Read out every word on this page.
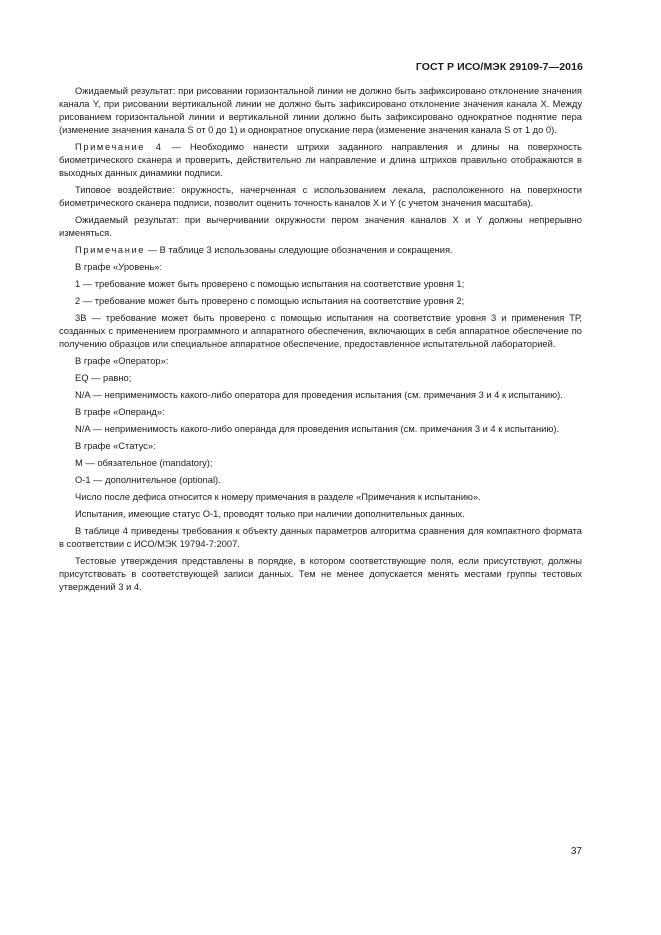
ГОСТ Р ИСО/МЭК 29109-7—2016

Ожидаемый результат: при рисовании горизонтальной линии не должно быть зафиксировано отклонение значения канала Y, при рисовании вертикальной линии не должно быть зафиксировано отклонение значения канала X. Между рисованием горизонтальной линии и вертикальной линии должно быть зафиксировано однократное поднятие пера (изменение значения канала S от 0 до 1) и однократное опускание пера (изменение значения канала S от 1 до 0).

Примечание 4 — Необходимо нанести штрихи заданного направления и длины на поверхность биометрического сканера и проверить, действительно ли направление и длина штрихов правильно отображаются в выходных данных динамики подписи.

Типовое воздействие: окружность, начерченная с использованием лекала, расположенного на поверхности биометрического сканера подписи, позволит оценить точность каналов X и Y (с учетом значения масштаба).

Ожидаемый результат: при вычерчивании окружности пером значения каналов X и Y должны непрерывно изменяться.

Примечание — В таблице 3 использованы следующие обозначения и сокращения.

В графе «Уровень»:

1 — требование может быть проверено с помощью испытания на соответствие уровня 1;

2 — требование может быть проверено с помощью испытания на соответствие уровня 2;

3В — требование может быть проверено с помощью испытания на соответствие уровня 3 и применения ТР, созданных с применением программного и аппаратного обеспечения, включающих в себя аппаратное обеспечение по получению образцов или специальное аппаратное обеспечение, предоставленное испытательной лабораторией.

В графе «Оператор»:

EQ — равно;

N/A — неприменимость какого-либо оператора для проведения испытания (см. примечания 3 и 4 к испытанию).

В графе «Операнд»:

N/A — неприменимость какого-либо операнда для проведения испытания (см. примечания 3 и 4 к испытанию).

В графе «Статус»:

М — обязательное (mandatory);

О-1 — дополнительное (optional).

Число после дефиса относится к номеру примечания в разделе «Примечания к испытанию».

Испытания, имеющие статус О-1, проводят только при наличии дополнительных данных.

В таблице 4 приведены требования к объекту данных параметров алгоритма сравнения для компактного формата в соответствии с ИСО/МЭК 19794-7:2007.

Тестовые утверждения представлены в порядке, в котором соответствующие поля, если присутствуют, должны присутствовать в соответствующей записи данных. Тем не менее допускается менять местами группы тестовых утверждений 3 и 4.

37
